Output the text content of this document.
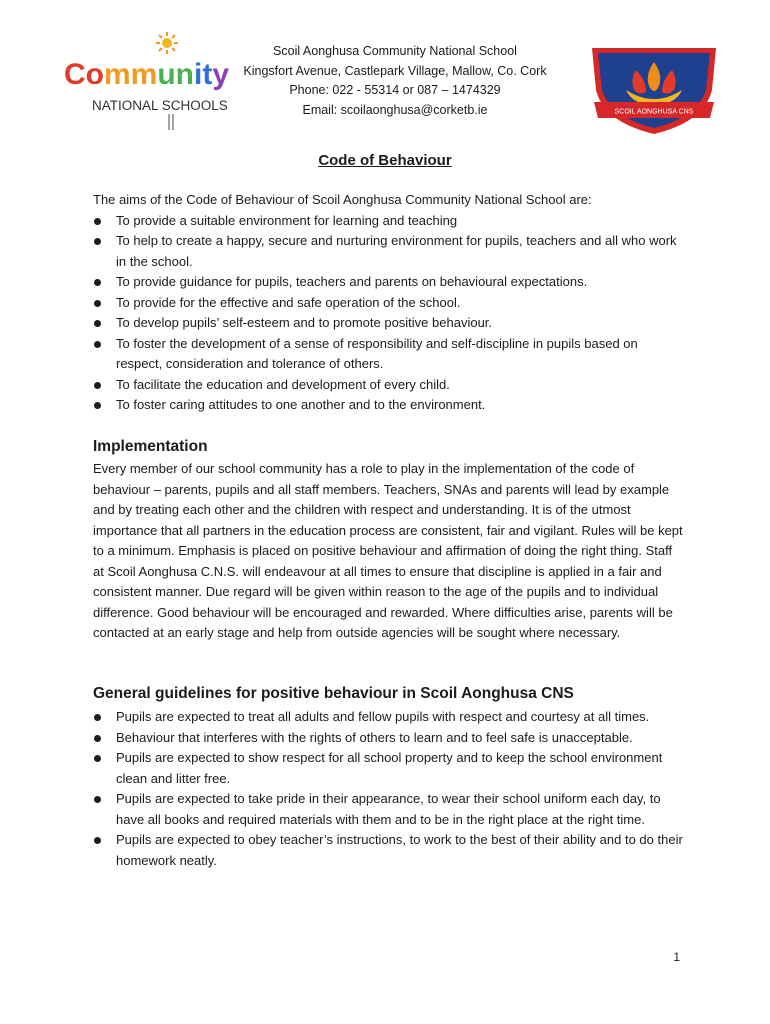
Community
NATIONAL SCHOOLS
Scoil Aonghusa Community National School
Kingsfort Avenue, Castlepark Village, Mallow, Co. Cork
Phone: 022 - 55314 or 087 – 1474329
Email: scoilaonghusa@corketb.ie	SCOIL AONGHUSA CNS
Code of Behaviour

The aims of the Code of Behaviour of Scoil Aonghusa Community National School are:

To provide a suitable environment for learning and teaching
To help to create a happy, secure and nurturing environment for pupils, teachers and all who work in the school.
To provide guidance for pupils, teachers and parents on behavioural expectations.
To provide for the effective and safe operation of the school.
To develop pupils’ self-esteem and to promote positive behaviour.
To foster the development of a sense of responsibility and self-discipline in pupils based on respect, consideration and tolerance of others.
To facilitate the education and development of every child.
To foster caring attitudes to one another and to the environment.

Implementation

Every member of our school community has a role to play in the implementation of the code of behaviour – parents, pupils and all staff members. Teachers, SNAs and parents will lead by example and by treating each other and the children with respect and understanding. It is of the utmost importance that all partners in the education process are consistent, fair and vigilant. Rules will be kept to a minimum. Emphasis is placed on positive behaviour and affirmation of doing the right thing. Staff at Scoil Aonghusa C.N.S. will endeavour at all times to ensure that discipline is applied in a fair and consistent manner. Due regard will be given within reason to the age of the pupils and to individual difference. Good behaviour will be encouraged and rewarded. Where difficulties arise, parents will be contacted at an early stage and help from outside agencies will be sought where necessary.

General guidelines for positive behaviour in Scoil Aonghusa CNS

Pupils are expected to treat all adults and fellow pupils with respect and courtesy at all times.
Behaviour that interferes with the rights of others to learn and to feel safe is unacceptable.
Pupils are expected to show respect for all school property and to keep the school environment clean and litter free.
Pupils are expected to take pride in their appearance, to wear their school uniform each day, to have all books and required materials with them and to be in the right place at the right time.
Pupils are expected to obey teacher’s instructions, to work to the best of their ability and to do their homework neatly.
1
